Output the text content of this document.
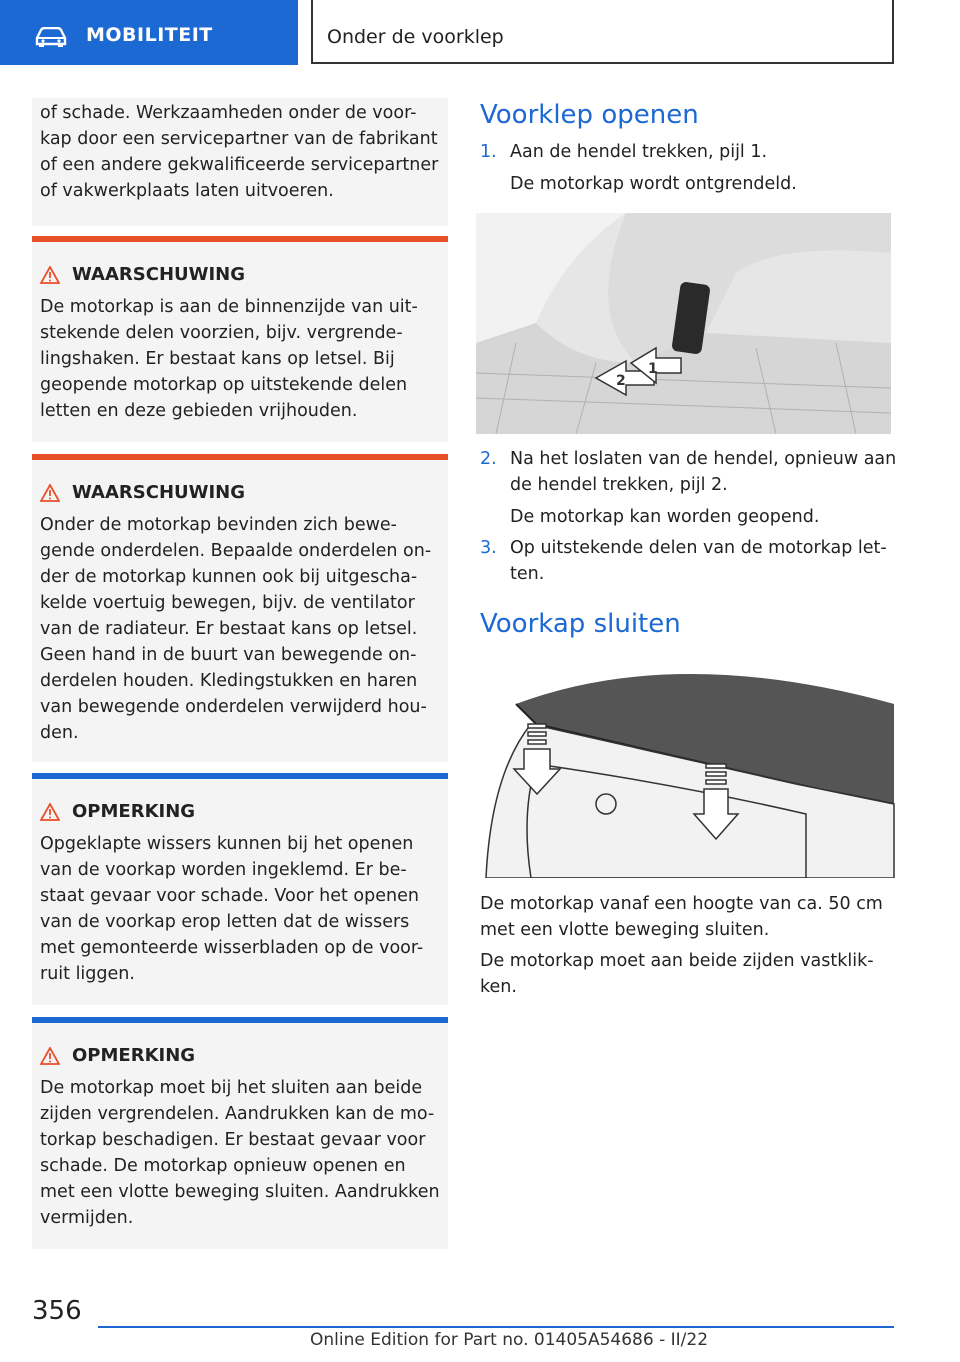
MOBILITEIT	Onder de voorklep

of schade. Werkzaamheden onder de voor-kap door een servicepartner van de fabrikant of een andere gekwalificeerde servicepartner of vakwerkplaats laten uitvoeren.

WAARSCHUWING

De motorkap is aan de binnenzijde van uit-stekende delen voorzien, bijv. vergrende-lingshaken. Er bestaat kans op letsel. Bij geopende motorkap op uitstekende delen letten en deze gebieden vrijhouden.

WAARSCHUWING

Onder de motorkap bevinden zich bewe-gende onderdelen. Bepaalde onderdelen on-der de motorkap kunnen ook bij uitgescha-kelde voertuig bewegen, bijv. de ventilator van de radiateur. Er bestaat kans op letsel. Geen hand in de buurt van bewegende on-derdelen houden. Kledingstukken en haren van bewegende onderdelen verwijderd hou-den.

OPMERKING

Opgeklapte wissers kunnen bij het openen van de voorkap worden ingeklemd. Er be-staat gevaar voor schade. Voor het openen van de voorkap erop letten dat de wissers met gemonteerde wisserbladen op de voor-ruit liggen.

OPMERKING

De motorkap moet bij het sluiten aan beide zijden vergrendelen. Aandrukken kan de mo-torkap beschadigen. Er bestaat gevaar voor schade. De motorkap opnieuw openen en met een vlotte beweging sluiten. Aandrukken vermijden.

Voorklep openen
1. Aan de hendel trekken, pijl 1.
De motorkap wordt ontgrendeld.
2
1
2. Na het loslaten van de hendel, opnieuw aan de hendel trekken, pijl 2.
De motorkap kan worden geopend.
3. Op uitstekende delen van de motorkap let-ten.
Voorkap sluiten

De motorkap vanaf een hoogte van ca. 50 cm met een vlotte beweging sluiten.

De motorkap moet aan beide zijden vastklik-ken.

356
Online Edition for Part no. 01405A54686 - II/22
